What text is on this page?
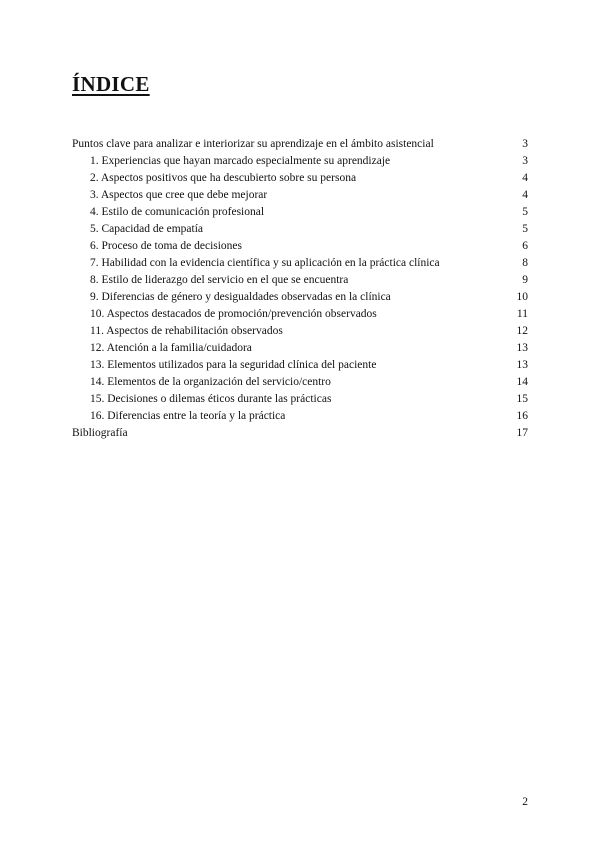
ÍNDICE
Puntos clave para analizar e interiorizar su aprendizaje en el ámbito asistencial	3
1. Experiencias que hayan marcado especialmente su aprendizaje	3
2. Aspectos positivos que ha descubierto sobre su persona	4
3. Aspectos que cree que debe mejorar	4
4. Estilo de comunicación profesional	5
5. Capacidad de empatía	5
6. Proceso de toma de decisiones	6
7. Habilidad con la evidencia científica y su aplicación en la práctica clínica	8
8. Estilo de liderazgo del servicio en el que se encuentra	9
9. Diferencias de género y desigualdades observadas en la clínica	10
10. Aspectos destacados de promoción/prevención observados	11
11. Aspectos de rehabilitación observados	12
12. Atención a la familia/cuidadora	13
13. Elementos utilizados para la seguridad clínica del paciente	13
14. Elementos de la organización del servicio/centro	14
15. Decisiones o dilemas éticos durante las prácticas	15
16. Diferencias entre la teoría y la práctica	16
Bibliografía	17
2
